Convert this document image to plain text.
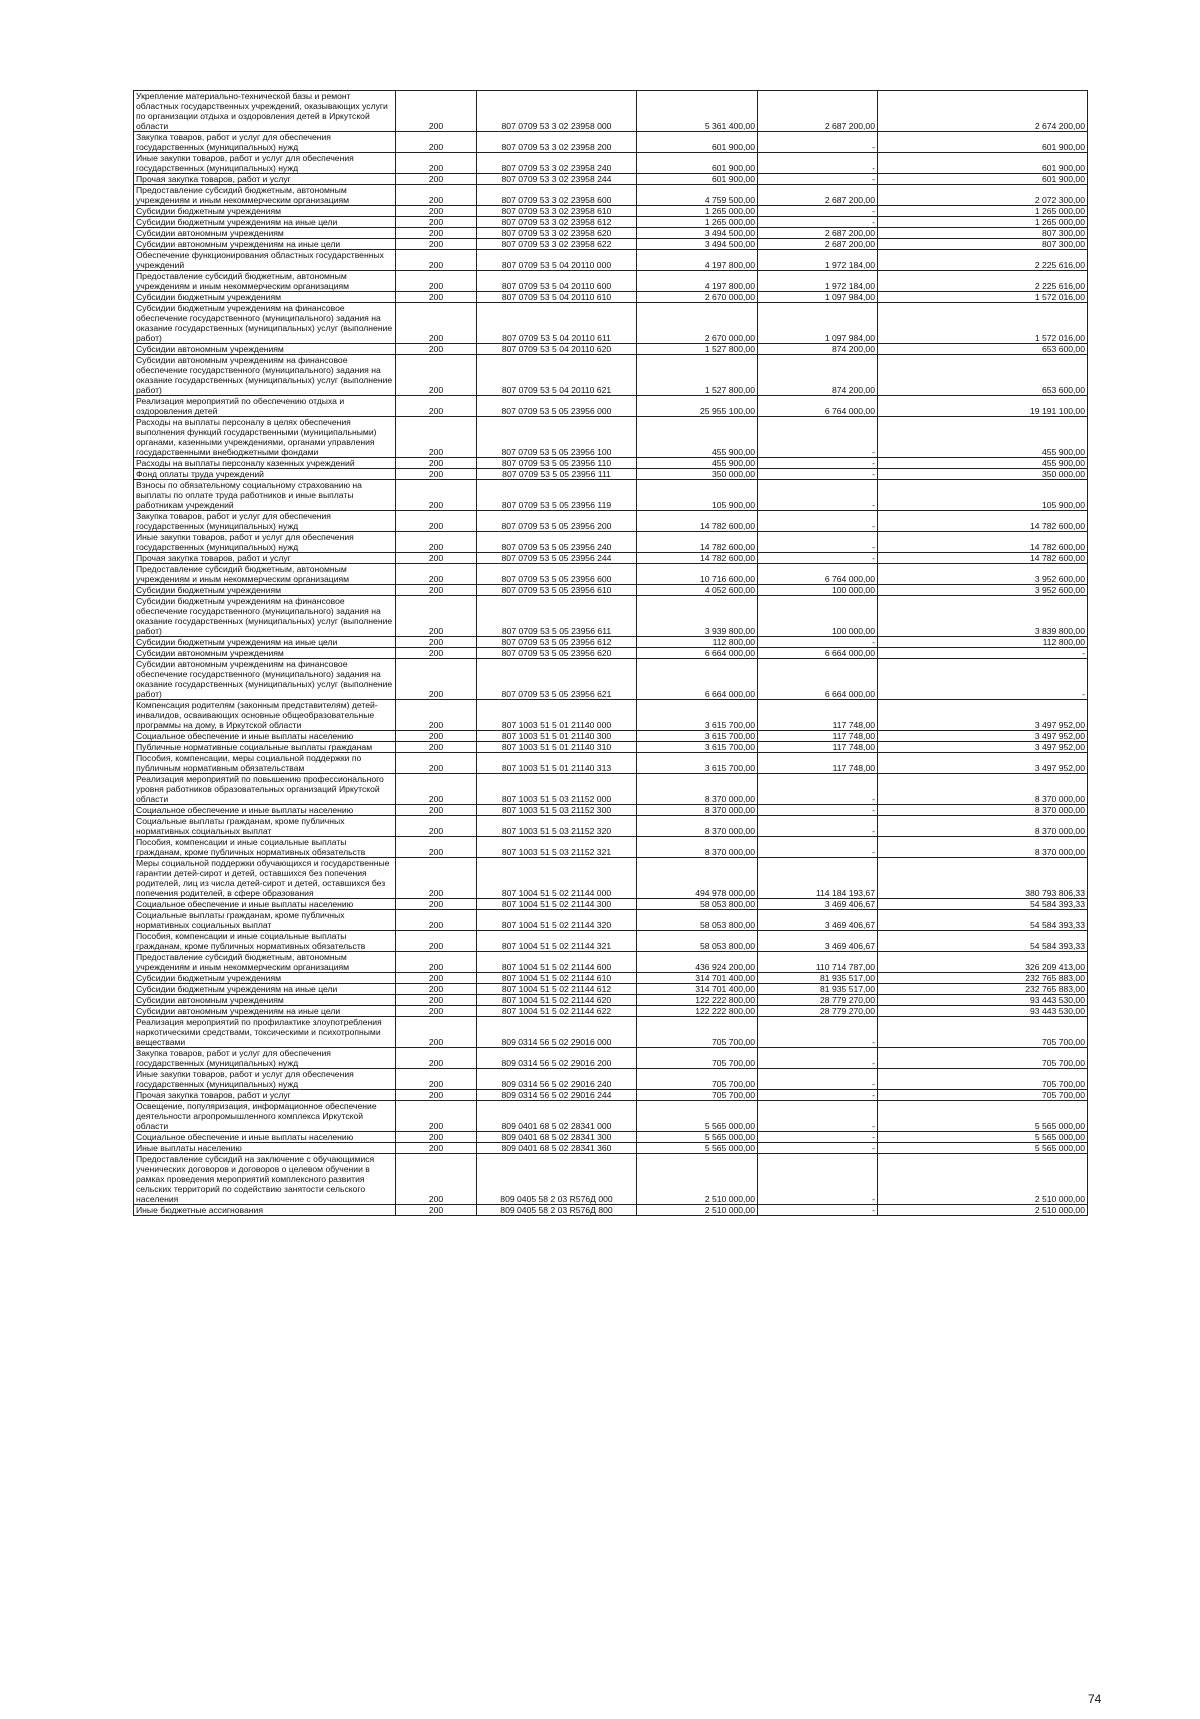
Укрепление материально-технической базы и ремонт областных государственных учреждений, оказывающих услуги по организации отдыха и оздоровления детей в Иркутской области	200	807 0709 53 3 02 23958 000	5 361 400,00	2 687 200,00	2 674 200,00
Закупка товаров, работ и услуг для обеспечения государственных (муниципальных) нужд	200	807 0709 53 3 02 23958 200	601 900,00	-	601 900,00
Иные закупки товаров, работ и услуг для обеспечения государственных (муниципальных) нужд	200	807 0709 53 3 02 23958 240	601 900,00	-	601 900,00
Прочая закупка товаров, работ и услуг	200	807 0709 53 3 02 23958 244	601 900,00	-	601 900,00
Предоставление субсидий бюджетным, автономным учреждениям и иным некоммерческим организациям	200	807 0709 53 3 02 23958 600	4 759 500,00	2 687 200,00	2 072 300,00
Субсидии бюджетным учреждениям	200	807 0709 53 3 02 23958 610	1 265 000,00	-	1 265 000,00
Субсидии бюджетным учреждениям на иные цели	200	807 0709 53 3 02 23958 612	1 265 000,00	-	1 265 000,00
Субсидии автономным учреждениям	200	807 0709 53 3 02 23958 620	3 494 500,00	2 687 200,00	807 300,00
Субсидии автономным учреждениям на иные цели	200	807 0709 53 3 02 23958 622	3 494 500,00	2 687 200,00	807 300,00
Обеспечение функционирования областных государственных учреждений	200	807 0709 53 5 04 20110 000	4 197 800,00	1 972 184,00	2 225 616,00
Предоставление субсидий бюджетным, автономным учреждениям и иным некоммерческим организациям	200	807 0709 53 5 04 20110 600	4 197 800,00	1 972 184,00	2 225 616,00
Субсидии бюджетным учреждениям	200	807 0709 53 5 04 20110 610	2 670 000,00	1 097 984,00	1 572 016,00
Субсидии бюджетным учреждениям на финансовое обеспечение государственного (муниципального) задания на оказание государственных (муниципальных) услуг (выполнение работ)	200	807 0709 53 5 04 20110 611	2 670 000,00	1 097 984,00	1 572 016,00
Субсидии автономным учреждениям	200	807 0709 53 5 04 20110 620	1 527 800,00	874 200,00	653 600,00
Субсидии автономным учреждениям на финансовое обеспечение государственного (муниципального) задания на оказание государственных (муниципальных) услуг (выполнение работ)	200	807 0709 53 5 04 20110 621	1 527 800,00	874 200,00	653 600,00
Реализация мероприятий по обеспечению отдыха и оздоровления детей	200	807 0709 53 5 05 23956 000	25 955 100,00	6 764 000,00	19 191 100,00
Расходы на выплаты персоналу в целях обеспечения выполнения функций государственными (муниципальными) органами, казенными учреждениями, органами управления государственными внебюджетными фондами	200	807 0709 53 5 05 23956 100	455 900,00	-	455 900,00
Расходы на выплаты персоналу казенных учреждений	200	807 0709 53 5 05 23956 110	455 900,00	-	455 900,00
Фонд оплаты труда учреждений	200	807 0709 53 5 05 23956 111	350 000,00	-	350 000,00
Взносы по обязательному социальному страхованию на выплаты по оплате труда работников и иные выплаты работникам учреждений	200	807 0709 53 5 05 23956 119	105 900,00	-	105 900,00
Закупка товаров, работ и услуг для обеспечения государственных (муниципальных) нужд	200	807 0709 53 5 05 23956 200	14 782 600,00	-	14 782 600,00
Иные закупки товаров, работ и услуг для обеспечения государственных (муниципальных) нужд	200	807 0709 53 5 05 23956 240	14 782 600,00	-	14 782 600,00
Прочая закупка товаров, работ и услуг	200	807 0709 53 5 05 23956 244	14 782 600,00	-	14 782 600,00
Предоставление субсидий бюджетным, автономным учреждениям и иным некоммерческим организациям	200	807 0709 53 5 05 23956 600	10 716 600,00	6 764 000,00	3 952 600,00
Субсидии бюджетным учреждениям	200	807 0709 53 5 05 23956 610	4 052 600,00	100 000,00	3 952 600,00
Субсидии бюджетным учреждениям на финансовое обеспечение государственного (муниципального) задания на оказание государственных (муниципальных) услуг (выполнение работ)	200	807 0709 53 5 05 23956 611	3 939 800,00	100 000,00	3 839 800,00
Субсидии бюджетным учреждениям на иные цели	200	807 0709 53 5 05 23956 612	112 800,00	-	112 800,00
Субсидии автономным учреждениям	200	807 0709 53 5 05 23956 620	6 664 000,00	6 664 000,00	-
Субсидии автономным учреждениям на финансовое обеспечение государственного (муниципального) задания на оказание государственных (муниципальных) услуг (выполнение работ)	200	807 0709 53 5 05 23956 621	6 664 000,00	6 664 000,00	-
Компенсация родителям (законным представителям) детей-инвалидов, осваивающих основные общеобразовательные программы на дому, в Иркутской области	200	807 1003 51 5 01 21140 000	3 615 700,00	117 748,00	3 497 952,00
Социальное обеспечение и иные выплаты населению	200	807 1003 51 5 01 21140 300	3 615 700,00	117 748,00	3 497 952,00
Публичные нормативные социальные выплаты гражданам	200	807 1003 51 5 01 21140 310	3 615 700,00	117 748,00	3 497 952,00
Пособия, компенсации, меры социальной поддержки по публичным нормативным обязательствам	200	807 1003 51 5 01 21140 313	3 615 700,00	117 748,00	3 497 952,00
Реализация мероприятий по повышению профессионального уровня работников образовательных организаций Иркутской области	200	807 1003 51 5 03 21152 000	8 370 000,00	-	8 370 000,00
Социальное обеспечение и иные выплаты населению	200	807 1003 51 5 03 21152 300	8 370 000,00	-	8 370 000,00
Социальные выплаты гражданам, кроме публичных нормативных социальных выплат	200	807 1003 51 5 03 21152 320	8 370 000,00	-	8 370 000,00
Пособия, компенсации и иные социальные выплаты гражданам, кроме публичных нормативных обязательств	200	807 1003 51 5 03 21152 321	8 370 000,00	-	8 370 000,00
Меры социальной поддержки обучающихся и государственные гарантии детей-сирот и детей, оставшихся без попечения родителей, лиц из числа детей-сирот и детей, оставшихся без попечения родителей, в сфере образования	200	807 1004 51 5 02 21144 000	494 978 000,00	114 184 193,67	380 793 806,33
Социальное обеспечение и иные выплаты населению	200	807 1004 51 5 02 21144 300	58 053 800,00	3 469 406,67	54 584 393,33
Социальные выплаты гражданам, кроме публичных нормативных социальных выплат	200	807 1004 51 5 02 21144 320	58 053 800,00	3 469 406,67	54 584 393,33
Пособия, компенсации и иные социальные выплаты гражданам, кроме публичных нормативных обязательств	200	807 1004 51 5 02 21144 321	58 053 800,00	3 469 406,67	54 584 393,33
Предоставление субсидий бюджетным, автономным учреждениям и иным некоммерческим организациям	200	807 1004 51 5 02 21144 600	436 924 200,00	110 714 787,00	326 209 413,00
Субсидии бюджетным учреждениям	200	807 1004 51 5 02 21144 610	314 701 400,00	81 935 517,00	232 765 883,00
Субсидии бюджетным учреждениям на иные цели	200	807 1004 51 5 02 21144 612	314 701 400,00	81 935 517,00	232 765 883,00
Субсидии автономным учреждениям	200	807 1004 51 5 02 21144 620	122 222 800,00	28 779 270,00	93 443 530,00
Субсидии автономным учреждениям на иные цели	200	807 1004 51 5 02 21144 622	122 222 800,00	28 779 270,00	93 443 530,00
Реализация мероприятий по профилактике злоупотребления наркотическими средствами, токсическими и психотропными веществами	200	809 0314 56 5 02 29016 000	705 700,00	-	705 700,00
Закупка товаров, работ и услуг для обеспечения государственных (муниципальных) нужд	200	809 0314 56 5 02 29016 200	705 700,00	-	705 700,00
Иные закупки товаров, работ и услуг для обеспечения государственных (муниципальных) нужд	200	809 0314 56 5 02 29016 240	705 700,00	-	705 700,00
Прочая закупка товаров, работ и услуг	200	809 0314 56 5 02 29016 244	705 700,00	-	705 700,00
Освещение, популяризация, информационное обеспечение деятельности агропромышленного комплекса Иркутской области	200	809 0401 68 5 02 28341 000	5 565 000,00	-	5 565 000,00
Социальное обеспечение и иные выплаты населению	200	809 0401 68 5 02 28341 300	5 565 000,00	-	5 565 000,00
Иные выплаты населению	200	809 0401 68 5 02 28341 360	5 565 000,00	-	5 565 000,00
Предоставление субсидий на заключение с обучающимися ученических договоров и договоров о целевом обучении в рамках проведения мероприятий комплексного развития сельских территорий по содействию занятости сельского населения	200	809 0405 58 2 03 R576Д 000	2 510 000,00	-	2 510 000,00
Иные бюджетные ассигнования	200	809 0405 58 2 03 R576Д 800	2 510 000,00	-	2 510 000,00
74
